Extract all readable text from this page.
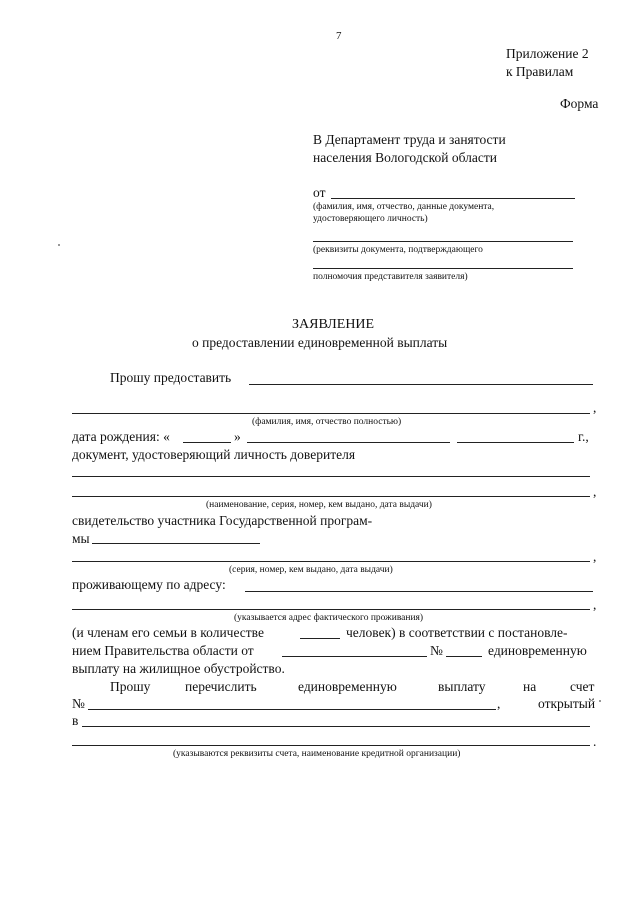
7
Приложение 2
к Правилам
Форма
В Департамент труда и занятости
населения Вологодской области
от
(фамилия, имя, отчество, данные документа,
удостоверяющего личность)
(реквизиты документа, подтверждающего
полномочия представителя заявителя)
ЗАЯВЛЕНИЕ
о предоставлении единовременной выплаты
Прошу предоставить
,
(фамилия, имя, отчество полностью)
дата рождения: «	»	г.,
документ, удостоверяющий личность доверителя
,
(наименование, серия, номер, кем выдано, дата выдачи)
свидетельство участника Государственной програм-
мы
,
(серия, номер, кем выдано, дата выдачи)
проживающему по адресу:
,
(указывается адрес фактического проживания)
(и членам его семьи в количестве	человек) в соответствии с постановле-
нием Правительства области от	№	единовременную
выплату на жилищное обустройство.
Прошу	перечислить	единовременную	выплату	на	счет
№	,	открытый
в
.
(указываются реквизиты счета, наименование кредитной организации)
